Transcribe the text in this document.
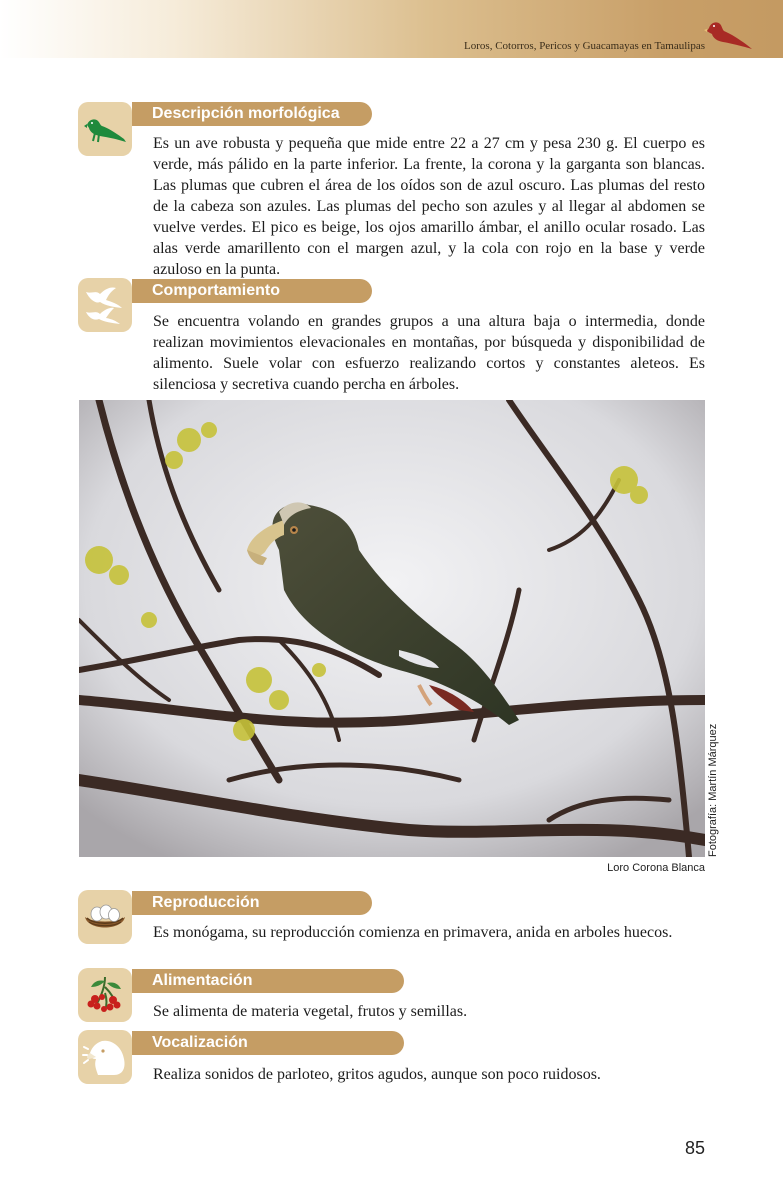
Loros, Cotorros, Pericos y Guacamayas en Tamaulipas
Descripción morfológica

Es un ave robusta y pequeña que mide entre 22 a 27 cm y pesa 230 g. El cuerpo es verde, más pálido en la parte inferior. La frente, la corona y la garganta son blancas. Las plumas que cubren el área de los oídos son de azul oscuro. Las plumas del resto de la cabeza son azules. Las plumas del pecho son azules y al llegar al abdomen se vuelve verdes. El pico es beige, los ojos amarillo ámbar, el anillo ocular rosado. Las alas verde amarillento con el margen azul, y la cola con rojo en la base y verde azuloso en la punta.

Comportamiento

Se encuentra volando en grandes grupos a una altura baja o intermedia, donde realizan movimientos elevacionales en montañas, por búsqueda y disponibilidad de alimento. Suele volar con esfuerzo realizando cortos y constantes aleteos. Es silenciosa y secretiva cuando percha en árboles.

Fotografía: Martín Márquez
Loro Corona Blanca
Reproducción

Es monógama, su reproducción comienza en primavera, anida en arboles huecos.

Alimentación

Se alimenta de materia vegetal, frutos y semillas.

Vocalización

Realiza sonidos de parloteo, gritos agudos, aunque son poco ruidosos.

85
